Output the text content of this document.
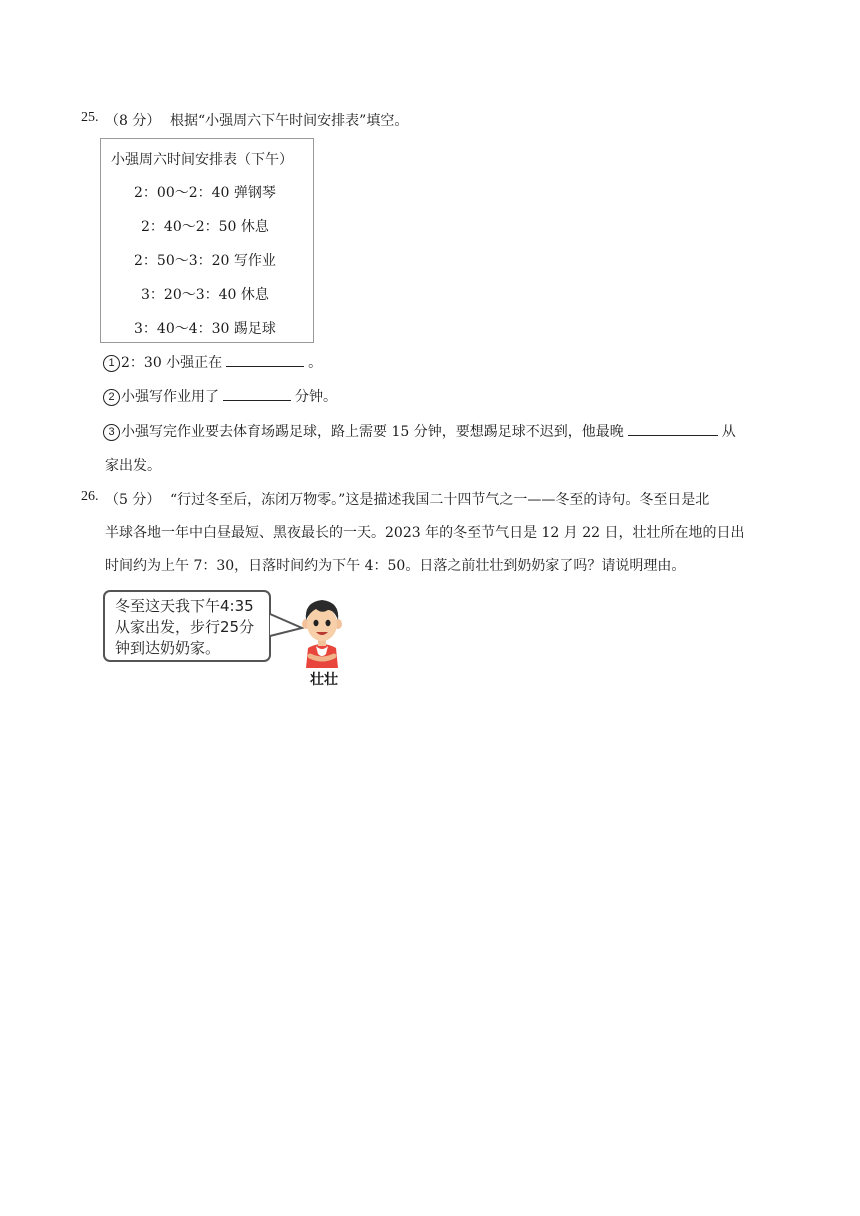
25. （8 分） 根据“小强周六下午时间安排表”填空。
小强周六时间安排表（下午）
2：00～2：40 弹钢琴
2：40～2：50 休息
2：50～3：20 写作业
3：20～3：40 休息
3：40～4：30 踢足球
1 2：30 小强正在	。
2 小强写作业用了	分钟。
3 小强写完作业要去体育场踢足球，路上需要 15 分钟，要想踢足球不迟到，他最晚	从
家出发。
26. （5 分） “行过冬至后，冻闭万物零。”这是描述我国二十四节气之一——冬至的诗句。冬至日是北
半球各地一年中白昼最短、黑夜最长的一天。2023 年的冬至节气日是 12 月 22 日，壮壮所在地的日出
时间约为上午 7：30，日落时间约为下午 4：50。日落之前壮壮到奶奶家了吗？请说明理由。
冬至这天我下午4:35
从家出发，步行25分
钟到达奶奶家。
壮壮
